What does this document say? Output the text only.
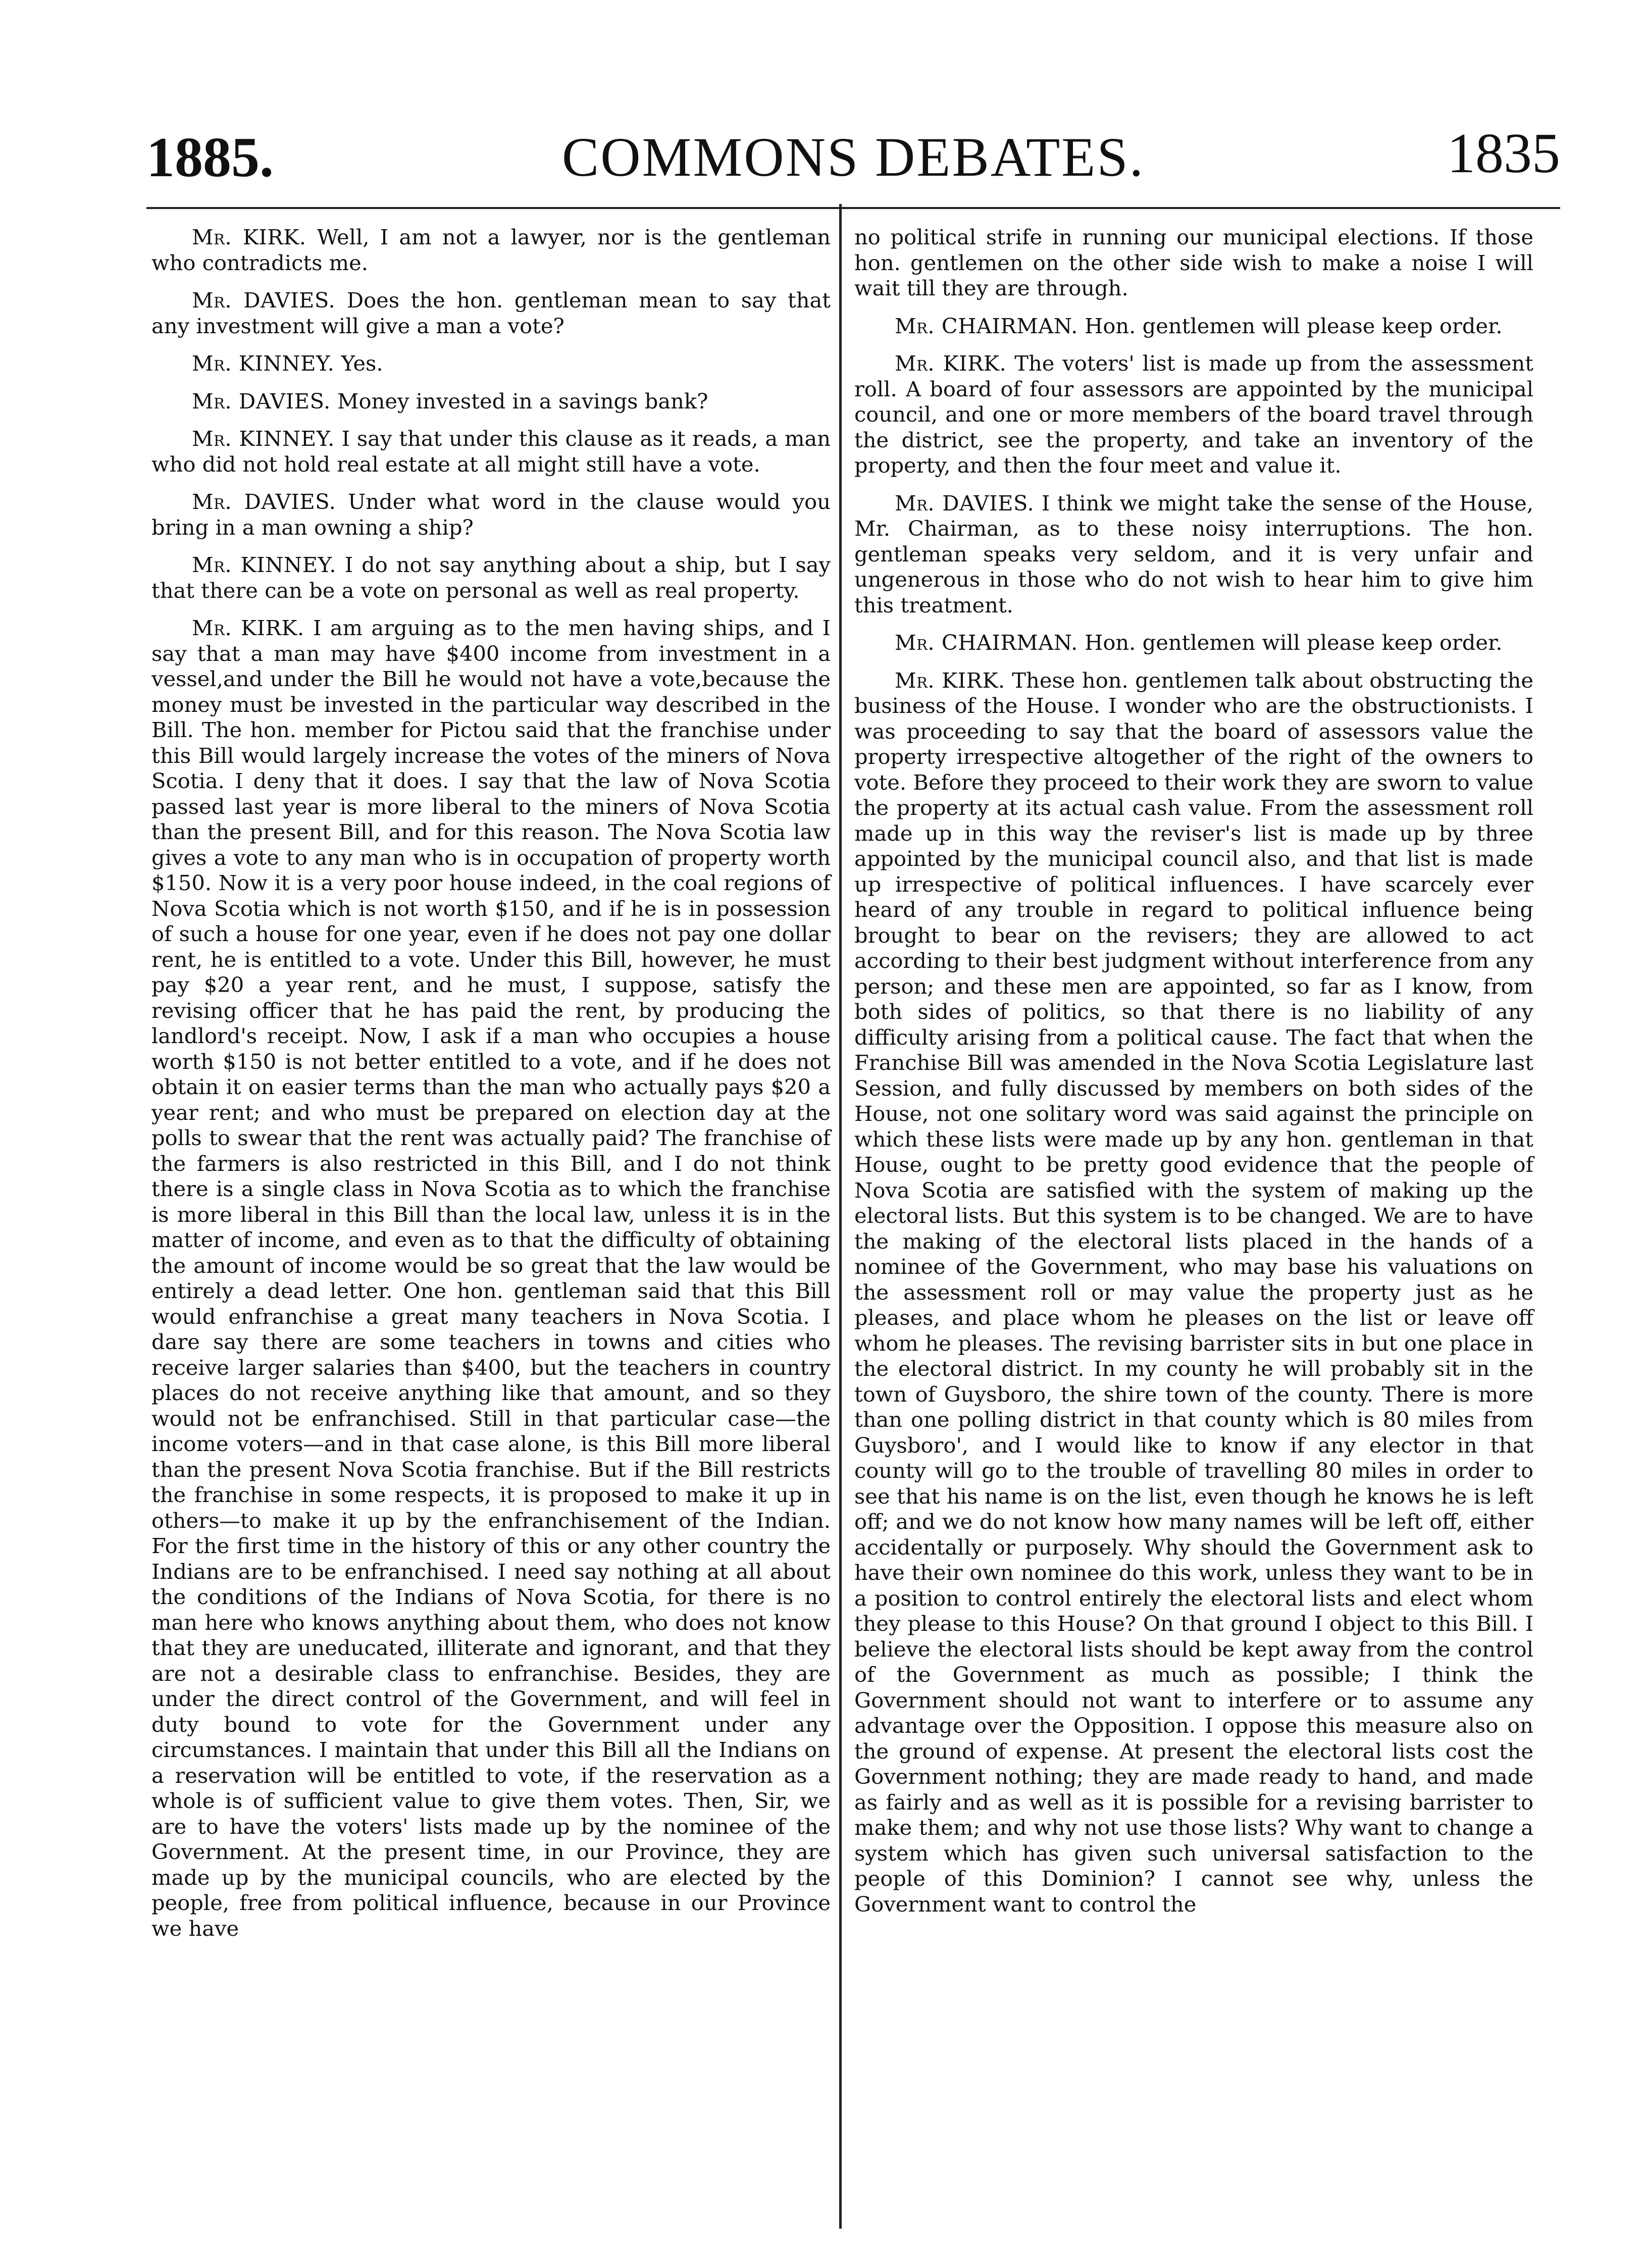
1885.	COMMONS DEBATES.	1835

Mr. KIRK. Well, I am not a lawyer, nor is the gentleman who contradicts me.

Mr. DAVIES. Does the hon. gentleman mean to say that any investment will give a man a vote?

Mr. KINNEY. Yes.

Mr. DAVIES. Money invested in a savings bank?

Mr. KINNEY. I say that under this clause as it reads, a man who did not hold real estate at all might still have a vote.

Mr. DAVIES. Under what word in the clause would you bring in a man owning a ship?

Mr. KINNEY. I do not say anything about a ship, but I say that there can be a vote on personal as well as real property.

Mr. KIRK. I am arguing as to the men having ships, and I say that a man may have $400 income from investment in a vessel,and under the Bill he would not have a vote,because the money must be invested in the particular way described in the Bill. The hon. member for Pictou said that the franchise under this Bill would largely increase the votes of the miners of Nova Scotia. I deny that it does. I say that the law of Nova Scotia passed last year is more liberal to the miners of Nova Scotia than the present Bill, and for this reason. The Nova Scotia law gives a vote to any man who is in occupation of property worth $150. Now it is a very poor house indeed, in the coal regions of Nova Scotia which is not worth $150, and if he is in possession of such a house for one year, even if he does not pay one dollar rent, he is entitled to a vote. Under this Bill, however, he must pay $20 a year rent, and he must, I suppose, satisfy the revising officer that he has paid the rent, by producing the landlord's receipt. Now, I ask if a man who occupies a house worth $150 is not better entitled to a vote, and if he does not obtain it on easier terms than the man who actually pays $20 a year rent; and who must be prepared on election day at the polls to swear that the rent was actually paid? The franchise of the farmers is also restricted in this Bill, and I do not think there is a single class in Nova Scotia as to which the franchise is more liberal in this Bill than the local law, unless it is in the matter of income, and even as to that the difficulty of obtaining the amount of income would be so great that the law would be entirely a dead letter. One hon. gentleman said that this Bill would enfranchise a great many teachers in Nova Scotia. I dare say there are some teachers in towns and cities who receive larger salaries than $400, but the teachers in country places do not receive anything like that amount, and so they would not be enfranchised. Still in that particular case—the income voters—and in that case alone, is this Bill more liberal than the present Nova Scotia franchise. But if the Bill restricts the franchise in some respects, it is proposed to make it up in others—to make it up by the enfranchisement of the Indian. For the first time in the history of this or any other country the Indians are to be enfranchised. I need say nothing at all about the conditions of the Indians of Nova Scotia, for there is no man here who knows anything about them, who does not know that they are uneducated, illiterate and ignorant, and that they are not a desirable class to enfranchise. Besides, they are under the direct control of the Government, and will feel in duty bound to vote for the Government under any circumstances. I maintain that under this Bill all the Indians on a reservation will be entitled to vote, if the reservation as a whole is of sufficient value to give them votes. Then, Sir, we are to have the voters' lists made up by the nominee of the Government. At the present time, in our Province, they are made up by the municipal councils, who are elected by the people, free from political influence, because in our Province we have

no political strife in running our municipal elections. If those hon. gentlemen on the other side wish to make a noise I will wait till they are through.

Mr. CHAIRMAN. Hon. gentlemen will please keep order.

Mr. KIRK. The voters' list is made up from the assessment roll. A board of four assessors are appointed by the municipal council, and one or more members of the board travel through the district, see the property, and take an inventory of the property, and then the four meet and value it.

Mr. DAVIES. I think we might take the sense of the House, Mr. Chairman, as to these noisy interruptions. The hon. gentleman speaks very seldom, and it is very unfair and ungenerous in those who do not wish to hear him to give him this treatment.

Mr. CHAIRMAN. Hon. gentlemen will please keep order.

Mr. KIRK. These hon. gentlemen talk about obstructing the business of the House. I wonder who are the obstructionists. I was proceeding to say that the board of assessors value the property irrespective altogether of the right of the owners to vote. Before they proceed to their work they are sworn to value the property at its actual cash value. From the assessment roll made up in this way the reviser's list is made up by three appointed by the municipal council also, and that list is made up irrespective of political influences. I have scarcely ever heard of any trouble in regard to political influence being brought to bear on the revisers; they are allowed to act according to their best judgment without interference from any person; and these men are appointed, so far as I know, from both sides of politics, so that there is no liability of any difficulty arising from a political cause. The fact that when the Franchise Bill was amended in the Nova Scotia Legislature last Session, and fully discussed by members on both sides of the House, not one solitary word was said against the principle on which these lists were made up by any hon. gentleman in that House, ought to be pretty good evidence that the people of Nova Scotia are satisfied with the system of making up the electoral lists. But this system is to be changed. We are to have the making of the electoral lists placed in the hands of a nominee of the Government, who may base his valuations on the assessment roll or may value the property just as he pleases, and place whom he pleases on the list or leave off whom he pleases. The revising barrister sits in but one place in the electoral district. In my county he will probably sit in the town of Guysboro, the shire town of the county. There is more than one polling district in that county which is 80 miles from Guysboro', and I would like to know if any elector in that county will go to the trouble of travelling 80 miles in order to see that his name is on the list, even though he knows he is left off; and we do not know how many names will be left off, either accidentally or purposely. Why should the Government ask to have their own nominee do this work, unless they want to be in a position to control entirely the electoral lists and elect whom they please to this House? On that ground I object to this Bill. I believe the electoral lists should be kept away from the control of the Government as much as possible; I think the Government should not want to interfere or to assume any advantage over the Opposition. I oppose this measure also on the ground of expense. At present the electoral lists cost the Government nothing; they are made ready to hand, and made as fairly and as well as it is possible for a revising barrister to make them; and why not use those lists? Why want to change a system which has given such universal satisfaction to the people of this Dominion? I cannot see why, unless the Government want to control the
